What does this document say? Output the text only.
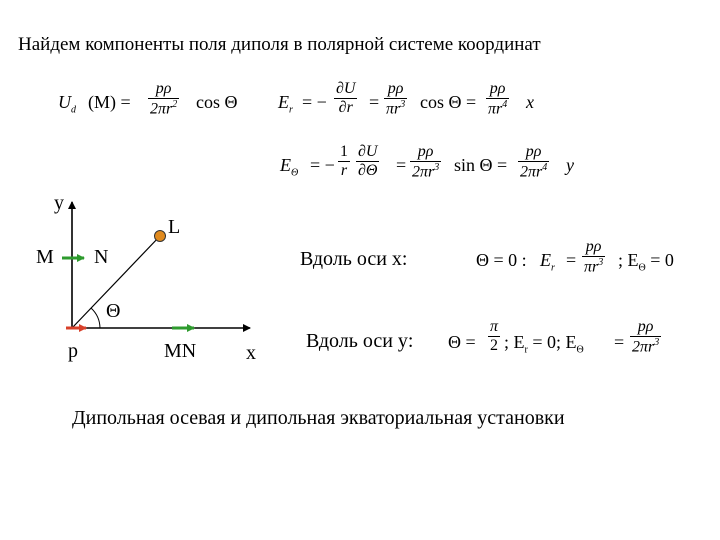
Найдем компоненты поля диполя в полярной системе координат
$U_d$ (M) =
pρ
$2\pi r^2$ cos Θ $E_r$ = −
∂U
∂r =
pρ
$\pi r^3$ cos Θ =
pρ
$\pi r^4$ x
$E_\Theta$ = −
1
r
∂U
∂Θ =
pρ
$2\pi r^3$ sin Θ =
pρ
$2\pi r^4$ y
y
M N
L
Θ
p	MN x
Вдоль оси x:	Θ = 0 : $E_r$ =
pρ
$\pi r^3$ ; $E_\Theta = 0$
Вдоль оси y: Θ =
π
2 ; $E_r = 0$; $E_\Theta$ =
pρ
$2\pi r^3$
Дипольная осевая и дипольная экваториальная установки
